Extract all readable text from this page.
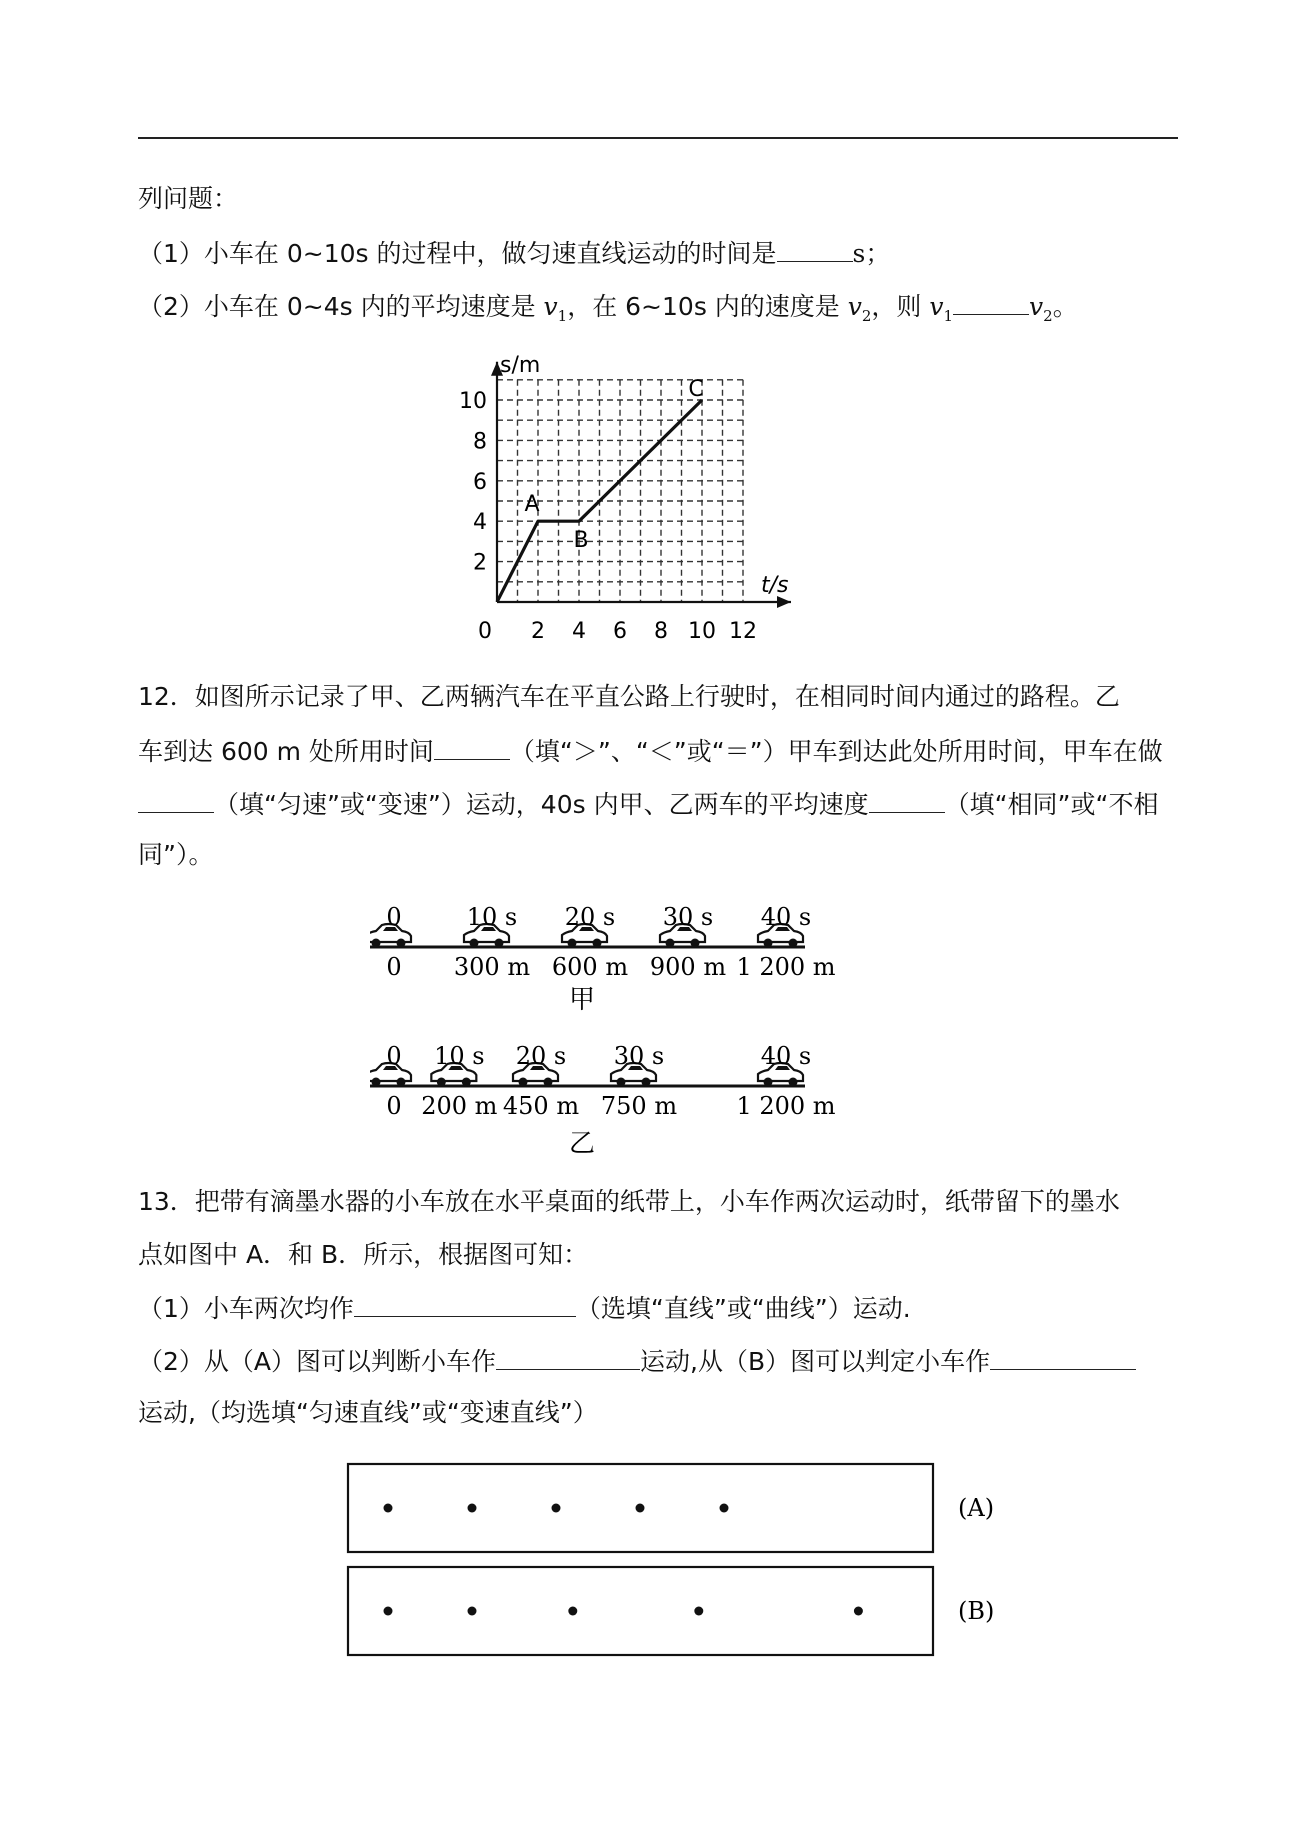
列问题：
（1）小车在 0~10s 的过程中，做匀速直线运动的时间是	s；
（2）小车在 0~4s 内的平均速度是 $v_1$，在 6~10s 内的速度是 $v_2$，则 $v_1$	$v_2$。
s/m
t/s
0 2 4 6 8 10 12
2
4
6
8
10
A
B
C
12．如图所示记录了甲、乙两辆汽车在平直公路上行驶时，在相同时间内通过的路程。乙
车到达 600 m 处所用时间	（填“＞”、“＜”或“＝”）甲车到达此处所用时间，甲车在做
（填“匀速”或“变速”）运动，40s 内甲、乙两车的平均速度	（填“相同”或“不相
同”）。
0
0
10 s
300 m
20 s
600 m
30 s
900 m
40 s
1 200 m
甲
0
0
10 s
200 m
20 s
450 m
30 s
750 m
40 s
1 200 m
乙
13．把带有滴墨水器的小车放在水平桌面的纸带上，小车作两次运动时，纸带留下的墨水
点如图中 A．和 B．所示，根据图可知：
（1）小车两次均作	（选填“直线”或“曲线”）运动.
（2）从（A）图可以判断小车作	运动,从（B）图可以判定小车作
运动,（均选填“匀速直线”或“变速直线”）
(A)
(B)
